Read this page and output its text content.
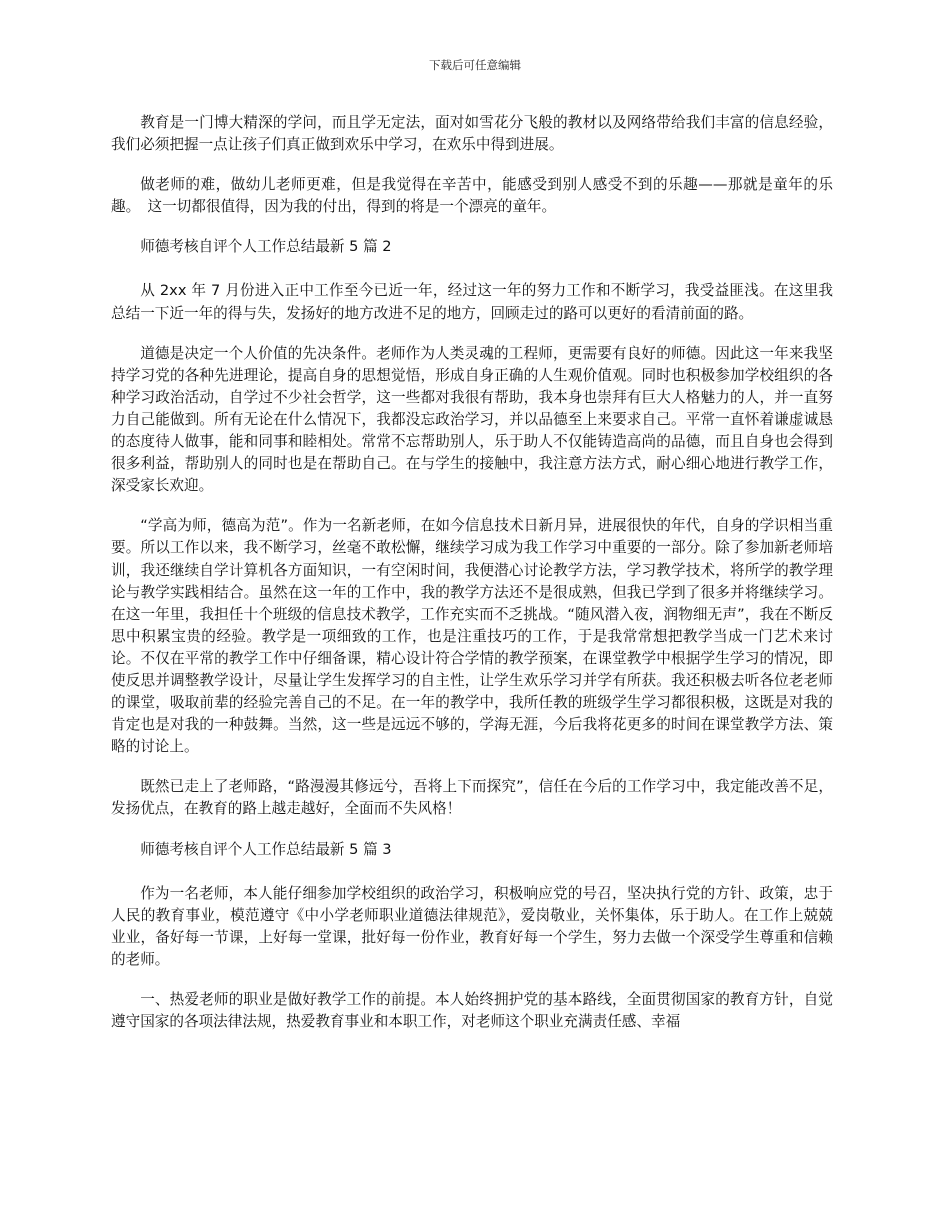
下载后可任意编辑

教育是一门博大精深的学问，而且学无定法，面对如雪花分飞般的教材以及网络带给我们丰富的信息经验，我们必须把握一点让孩子们真正做到欢乐中学习，在欢乐中得到进展。

做老师的难，做幼儿老师更难，但是我觉得在辛苦中，能感受到别人感受不到的乐趣——那就是童年的乐趣。　这一切都很值得，因为我的付出，得到的将是一个漂亮的童年。

师德考核自评个人工作总结最新 5 篇 2

从 2xx 年 7 月份进入正中工作至今已近一年，经过这一年的努力工作和不断学习，我受益匪浅。在这里我总结一下近一年的得与失，发扬好的地方改进不足的地方，回顾走过的路可以更好的看清前面的路。

道德是决定一个人价值的先决条件。老师作为人类灵魂的工程师，更需要有良好的师德。因此这一年来我坚持学习党的各种先进理论，提高自身的思想觉悟，形成自身正确的人生观价值观。同时也积极参加学校组织的各种学习政治活动，自学过不少社会哲学，这一些都对我很有帮助，我本身也崇拜有巨大人格魅力的人，并一直努力自己能做到。所有无论在什么情况下，我都没忘政治学习，并以品德至上来要求自己。平常一直怀着谦虚诚恳的态度待人做事，能和同事和睦相处。常常不忘帮助别人，乐于助人不仅能铸造高尚的品德，而且自身也会得到很多利益，帮助别人的同时也是在帮助自己。在与学生的接触中，我注意方法方式，耐心细心地进行教学工作，深受家长欢迎。

“学高为师，德高为范”。作为一名新老师，在如今信息技术日新月异，进展很快的年代，自身的学识相当重要。所以工作以来，我不断学习，丝毫不敢松懈，继续学习成为我工作学习中重要的一部分。除了参加新老师培训，我还继续自学计算机各方面知识，一有空闲时间，我便潜心讨论教学方法，学习教学技术，将所学的教学理论与教学实践相结合。虽然在这一年的工作中，我的教学方法还不是很成熟，但我已学到了很多并将继续学习。在这一年里，我担任十个班级的信息技术教学，工作充实而不乏挑战。“随风潜入夜，润物细无声”，我在不断反思中积累宝贵的经验。教学是一项细致的工作，也是注重技巧的工作，于是我常常想把教学当成一门艺术来讨论。不仅在平常的教学工作中仔细备课，精心设计符合学情的教学预案，在课堂教学中根据学生学习的情况，即使反思并调整教学设计，尽量让学生发挥学习的自主性，让学生欢乐学习并学有所获。我还积极去听各位老老师的课堂，吸取前辈的经验完善自己的不足。在一年的教学中，我所任教的班级学生学习都很积极，这既是对我的肯定也是对我的一种鼓舞。当然，这一些是远远不够的，学海无涯，今后我将花更多的时间在课堂教学方法、策略的讨论上。

既然已走上了老师路，“路漫漫其修远兮，吾将上下而探究”，信任在今后的工作学习中，我定能改善不足，发扬优点，在教育的路上越走越好，全面而不失风格！

师德考核自评个人工作总结最新 5 篇 3

作为一名老师，本人能仔细参加学校组织的政治学习，积极响应党的号召，坚决执行党的方针、政策，忠于人民的教育事业，模范遵守《中小学老师职业道德法律规范》，爱岗敬业，关怀集体，乐于助人。在工作上兢兢业业，备好每一节课，上好每一堂课，批好每一份作业，教育好每一个学生，努力去做一个深受学生尊重和信赖的老师。

一、热爱老师的职业是做好教学工作的前提。本人始终拥护党的基本路线，全面贯彻国家的教育方针，自觉遵守国家的各项法律法规，热爱教育事业和本职工作，对老师这个职业充满责任感、幸福
